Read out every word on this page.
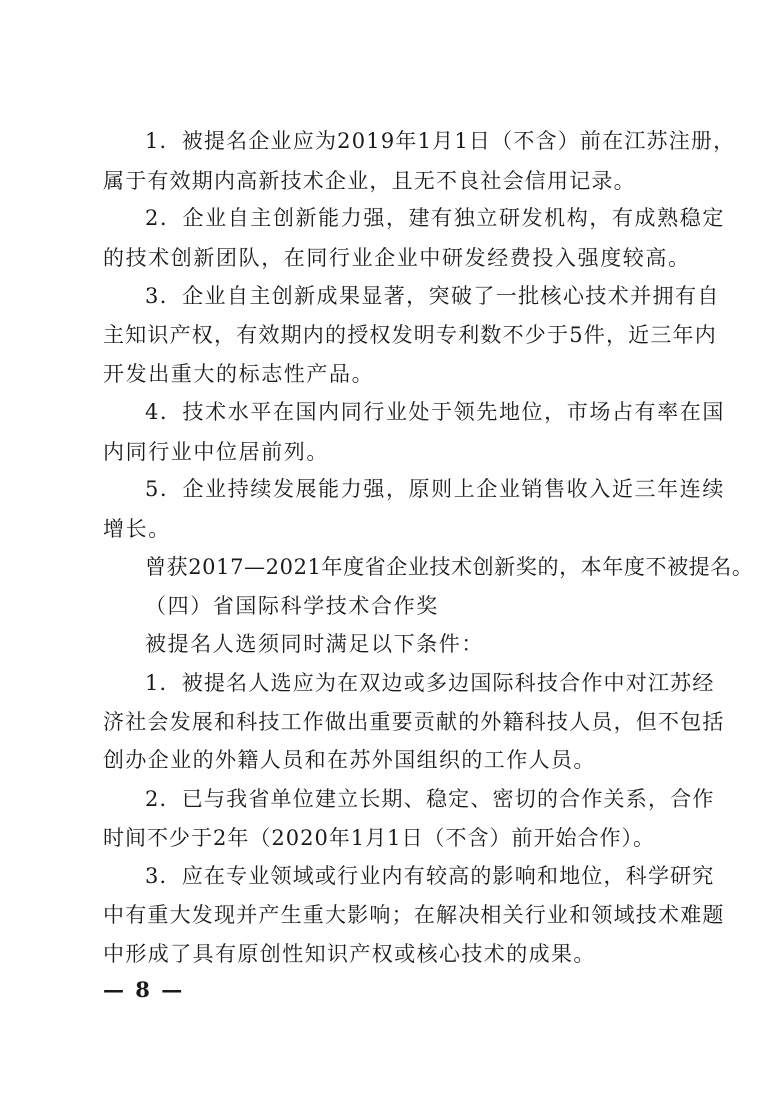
1．被提名企业应为2019年1月1日（不含）前在江苏注册，
属于有效期内高新技术企业，且无不良社会信用记录。
2．企业自主创新能力强，建有独立研发机构，有成熟稳定
的技术创新团队，在同行业企业中研发经费投入强度较高。
3．企业自主创新成果显著，突破了一批核心技术并拥有自
主知识产权，有效期内的授权发明专利数不少于5件，近三年内
开发出重大的标志性产品。
4．技术水平在国内同行业处于领先地位，市场占有率在国
内同行业中位居前列。
5．企业持续发展能力强，原则上企业销售收入近三年连续
增长。
曾获2017—2021年度省企业技术创新奖的，本年度不被提名。
（四）省国际科学技术合作奖
被提名人选须同时满足以下条件：
1．被提名人选应为在双边或多边国际科技合作中对江苏经
济社会发展和科技工作做出重要贡献的外籍科技人员，但不包括
创办企业的外籍人员和在苏外国组织的工作人员。
2．已与我省单位建立长期、稳定、密切的合作关系，合作
时间不少于2年（2020年1月1日（不含）前开始合作）。
3．应在专业领域或行业内有较高的影响和地位，科学研究
中有重大发现并产生重大影响；在解决相关行业和领域技术难题
中形成了具有原创性知识产权或核心技术的成果。
— 8 —
